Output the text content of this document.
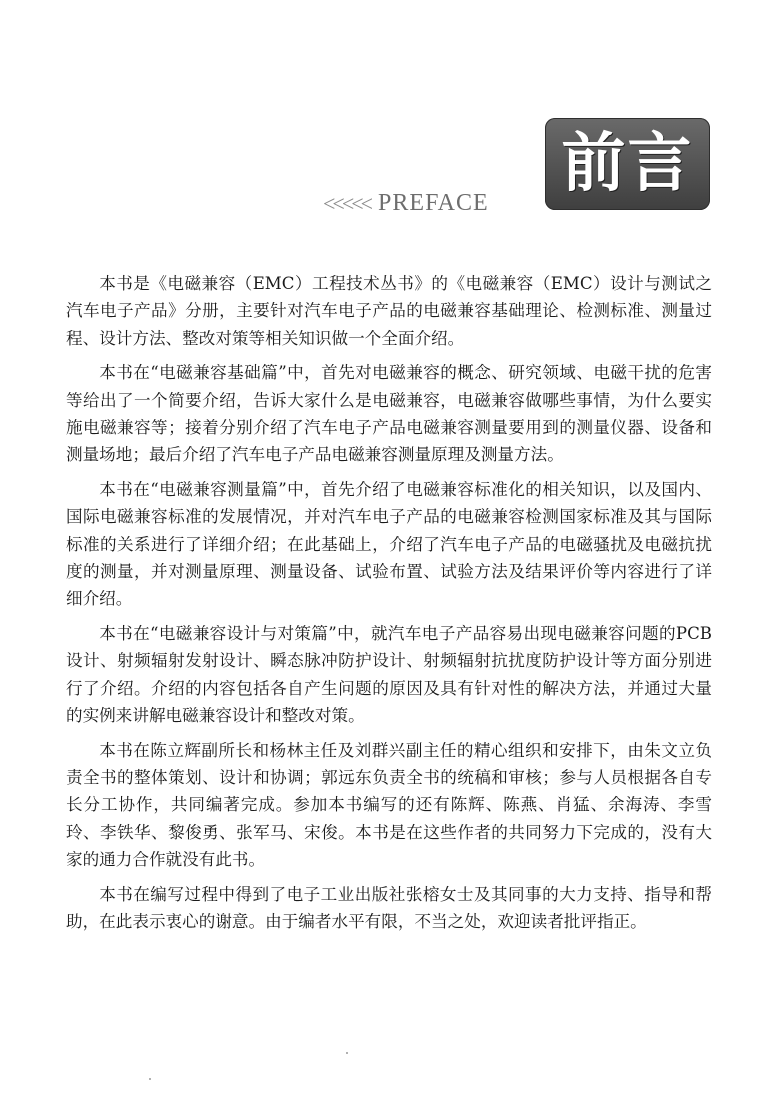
前言
<<<<< PREFACE

本书是《电磁兼容（EMC）工程技术丛书》的《电磁兼容（EMC）设计与测试之汽车电子产品》分册，主要针对汽车电子产品的电磁兼容基础理论、检测标准、测量过程、设计方法、整改对策等相关知识做一个全面介绍。

本书在“电磁兼容基础篇”中，首先对电磁兼容的概念、研究领域、电磁干扰的危害等给出了一个简要介绍，告诉大家什么是电磁兼容，电磁兼容做哪些事情，为什么要实施电磁兼容等；接着分别介绍了汽车电子产品电磁兼容测量要用到的测量仪器、设备和测量场地；最后介绍了汽车电子产品电磁兼容测量原理及测量方法。

本书在“电磁兼容测量篇”中，首先介绍了电磁兼容标准化的相关知识，以及国内、国际电磁兼容标准的发展情况，并对汽车电子产品的电磁兼容检测国家标准及其与国际标准的关系进行了详细介绍；在此基础上，介绍了汽车电子产品的电磁骚扰及电磁抗扰度的测量，并对测量原理、测量设备、试验布置、试验方法及结果评价等内容进行了详细介绍。

本书在“电磁兼容设计与对策篇”中，就汽车电子产品容易出现电磁兼容问题的PCB设计、射频辐射发射设计、瞬态脉冲防护设计、射频辐射抗扰度防护设计等方面分别进行了介绍。介绍的内容包括各自产生问题的原因及具有针对性的解决方法，并通过大量的实例来讲解电磁兼容设计和整改对策。

本书在陈立辉副所长和杨林主任及刘群兴副主任的精心组织和安排下，由朱文立负责全书的整体策划、设计和协调；郭远东负责全书的统稿和审核；参与人员根据各自专长分工协作，共同编著完成。参加本书编写的还有陈辉、陈燕、肖猛、余海涛、李雪玲、李铁华、黎俊勇、张军马、宋俊。本书是在这些作者的共同努力下完成的，没有大家的通力合作就没有此书。

本书在编写过程中得到了电子工业出版社张榕女士及其同事的大力支持、指导和帮助，在此表示衷心的谢意。由于编者水平有限，不当之处，欢迎读者批评指正。
